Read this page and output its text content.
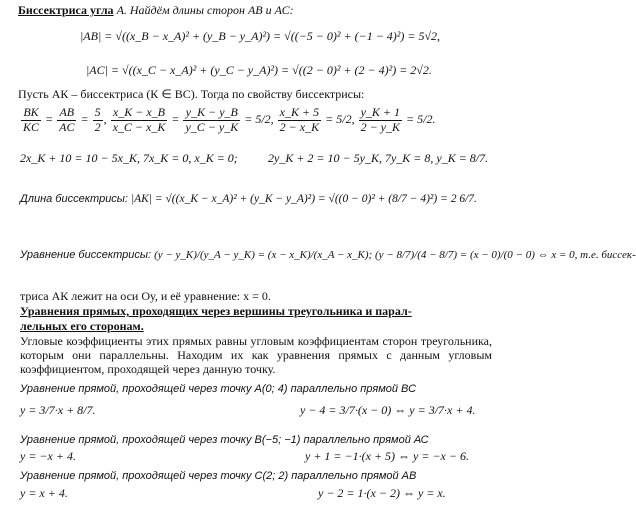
Биссектриса угла А. Найдём длины сторон АВ и АС:
|AB| = √((x_B − x_A)² + (y_B − y_A)²) = √((−5 − 0)² + (−1 − 4)²) = 5√2,
|AC| = √((x_C − x_A)² + (y_C − y_A)²) = √((2 − 0)² + (2 − 4)²) = 2√2.
Пусть АК – биссектриса (К ∈ ВС). Тогда по свойству биссектрисы:
$\frac{BK}{KC} = \frac{AB}{AC} = \frac{5}{2}$ , $\frac{x\_K - x\_B}{x\_C - x\_K} = \frac{y\_K - y\_B}{y\_C - y\_K} = 5/2$, $\frac{x\_K + 5}{2 - x\_K} = 5/2$, $\frac{y\_K + 1}{2 - y\_K} = 5/2$.
2x_K + 10 = 10 − 5x_K, 7x_K = 0, x_K = 0;	2y_K + 2 = 10 − 5y_K, 7y_K = 8, y_K = 8/7.
Длина биссектрисы: |AK| = √((x_K − x_A)² + (y_K − y_A)²) = √((0 − 0)² + (8/7 − 4)²) = 2 6/7.
Уравнение биссектрисы: (y − y_K)/(y_A − y_K) = (x − x_K)/(x_A − x_K); (y − 8/7)/(4 − 8/7) = (x − 0)/(0 − 0) ⇔ x = 0, т.е. биссек-
триса АК лежит на оси Оу, и её уравнение: x = 0.
Уравнения прямых, проходящих через вершины треугольника и парал-
лельных его сторонам.
Угловые коэффициенты этих прямых равны угловым коэффициентам сторон треугольника, которым они параллельны. Находим их как уравнения прямых с данным угловым коэффициентом, проходящей через данную точку.
Уравнение прямой, проходящей через точку A(0; 4) параллельно прямой ВС
y = 3/7·x + 8/7.	y − 4 = 3/7·(x − 0) ⇔ y = 3/7·x + 4.
Уравнение прямой, проходящей через точку В(−5; −1) параллельно прямой АС
y = −x + 4.	y + 1 = −1·(x + 5) ⇔ y = −x − 6.
Уравнение прямой, проходящей через точку С(2; 2) параллельно прямой АВ
y = x + 4.	y − 2 = 1·(x − 2) ⇔ y = x.
